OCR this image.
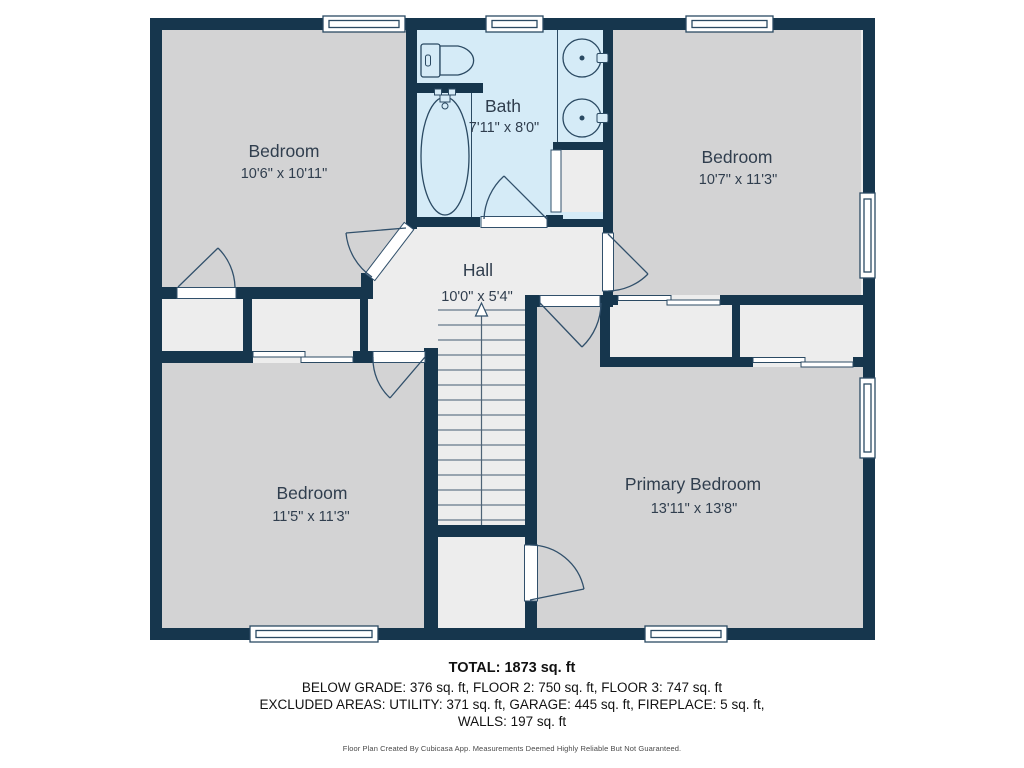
Bedroom
10'6" x 10'11"
Bath
7'11" x 8'0"
Bedroom
10'7" x 11'3"
Hall
10'0" x 5'4"
Bedroom
11'5" x 11'3"
Primary Bedroom
13'11" x 13'8"

TOTAL: 1873 sq. ft

BELOW GRADE: 376 sq. ft, FLOOR 2: 750 sq. ft, FLOOR 3: 747 sq. ft

EXCLUDED AREAS: UTILITY: 371 sq. ft, GARAGE: 445 sq. ft, FIREPLACE: 5 sq. ft,

WALLS: 197 sq. ft

Floor Plan Created By Cubicasa App. Measurements Deemed Highly Reliable But Not Guaranteed.
